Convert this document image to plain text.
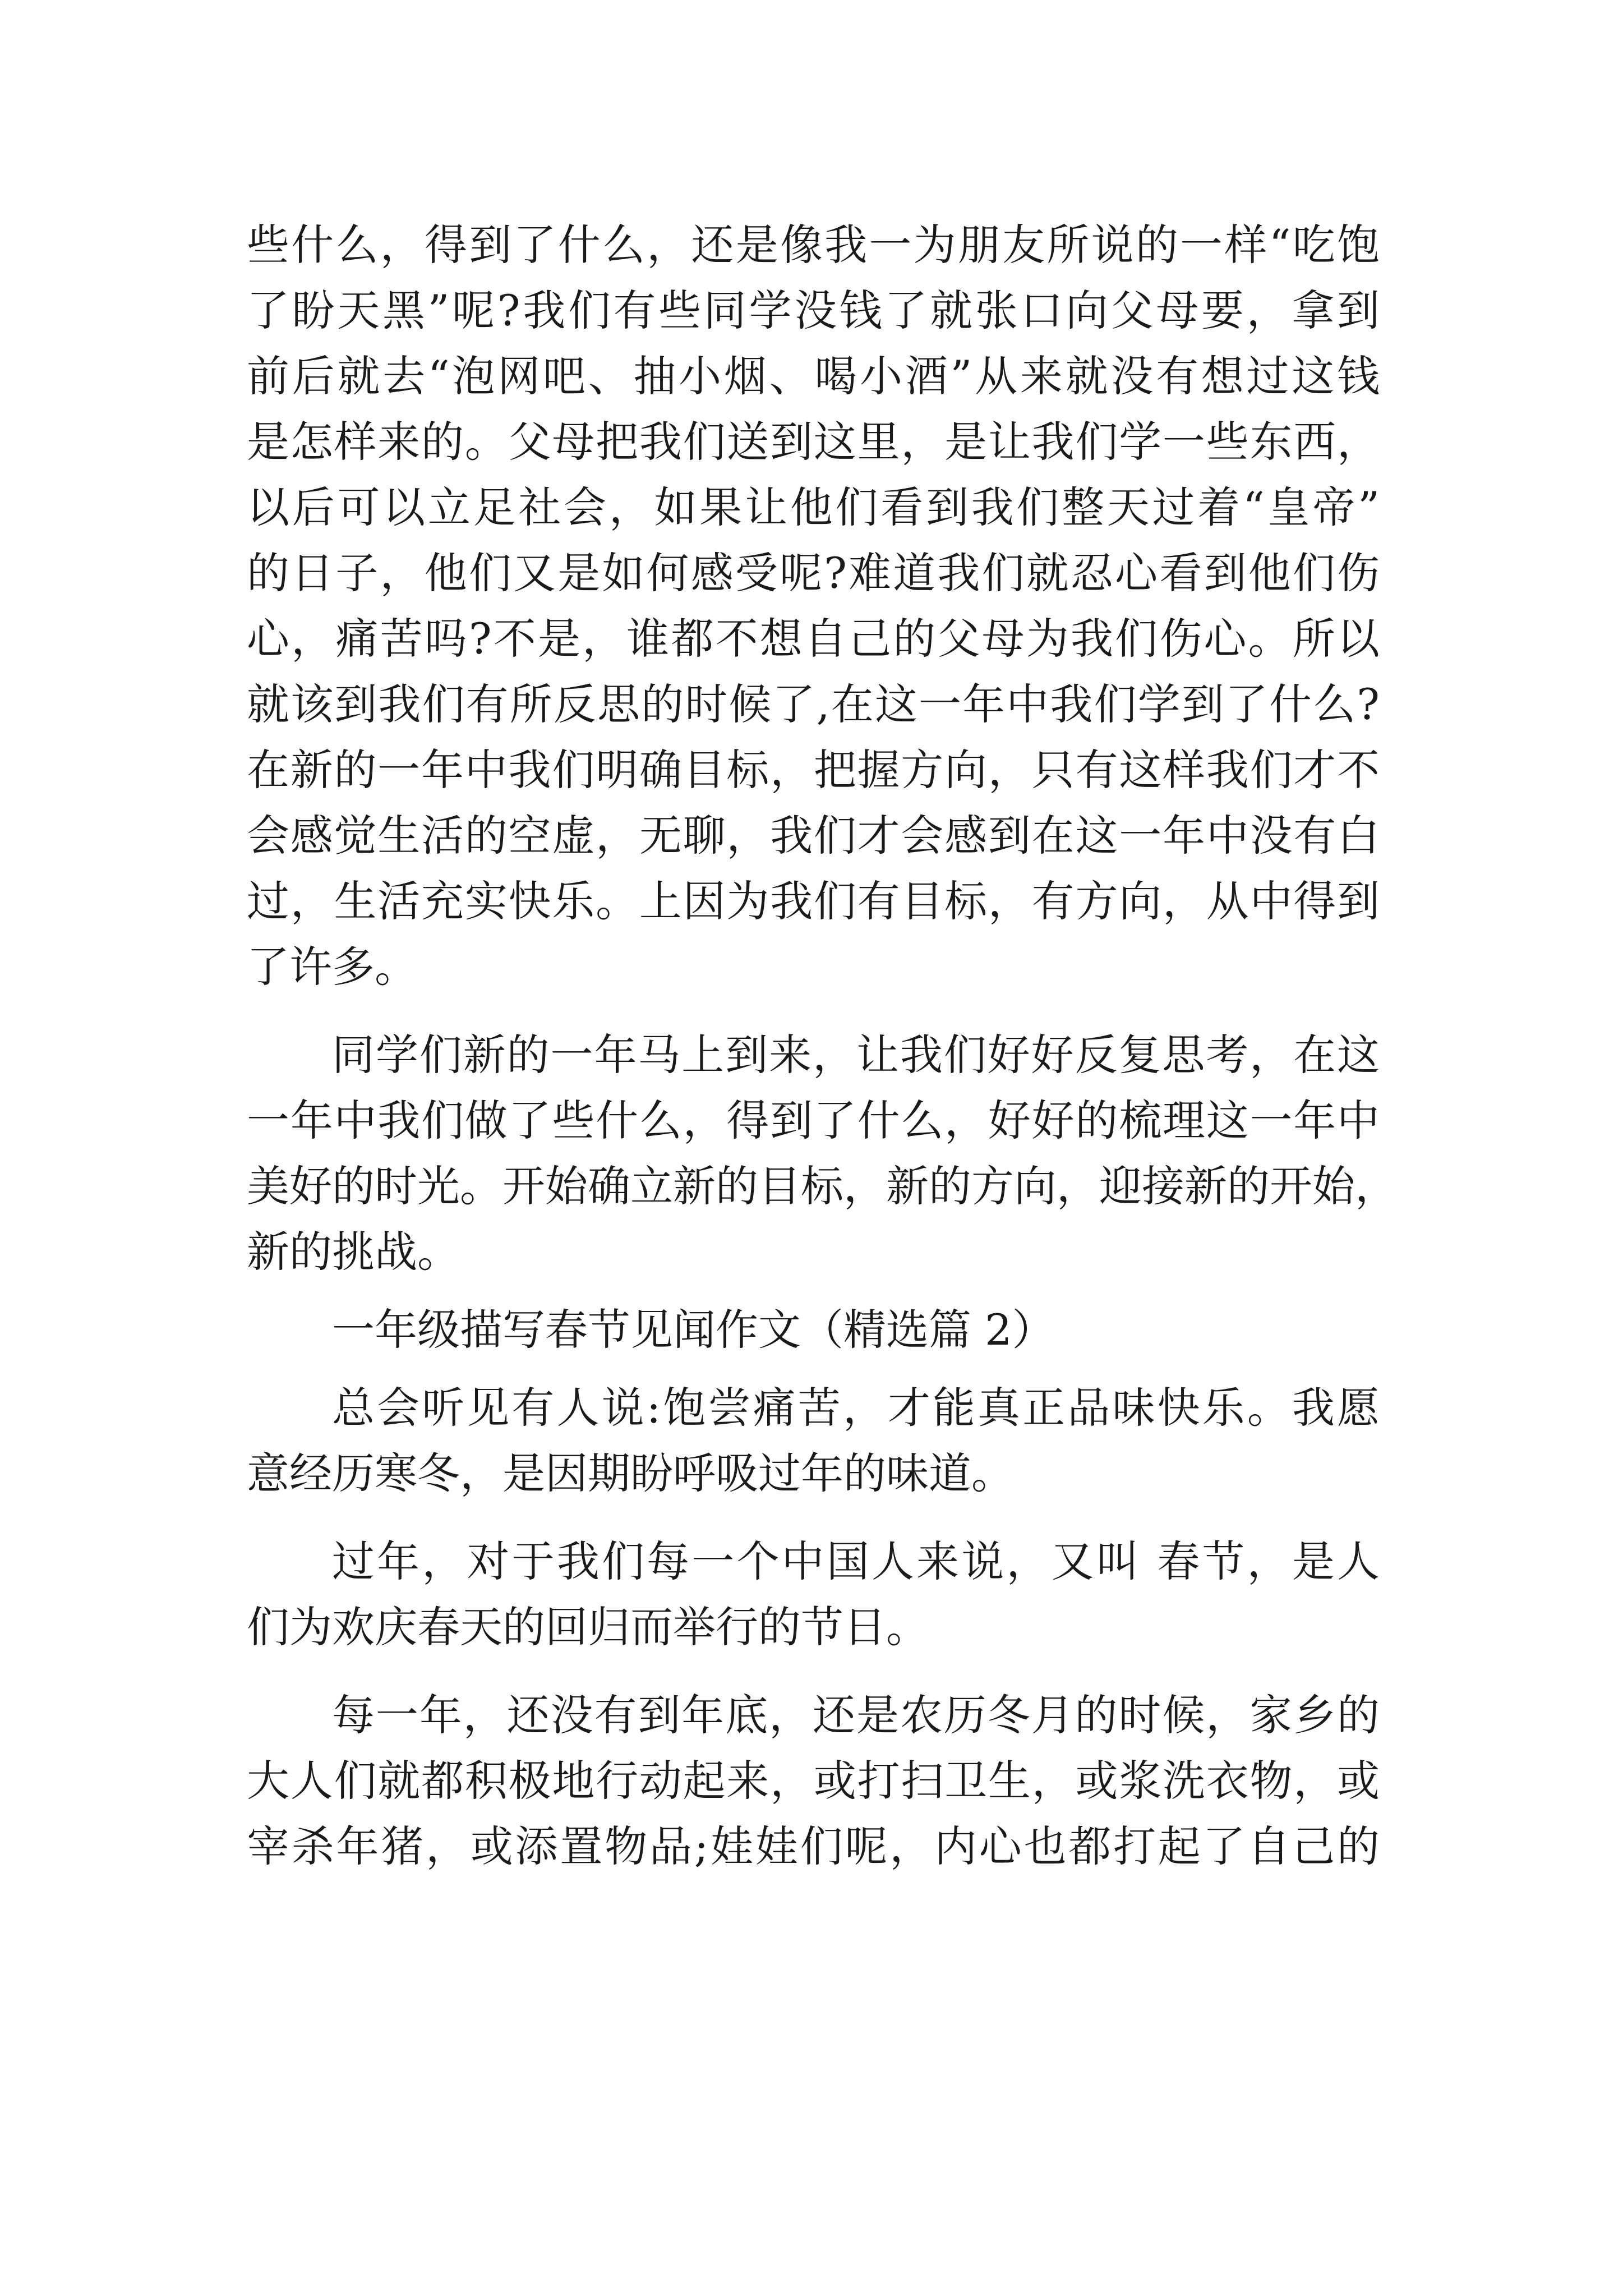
些什么，得到了什么，还是像我一为朋友所说的一样“吃饱
了盼天黑”呢?我们有些同学没钱了就张口向父母要，拿到
前后就去“泡网吧、抽小烟、喝小酒”从来就没有想过这钱
是怎样来的。父母把我们送到这里，是让我们学一些东西，
以后可以立足社会，如果让他们看到我们整天过着“皇帝”
的日子，他们又是如何感受呢?难道我们就忍心看到他们伤
心，痛苦吗?不是，谁都不想自己的父母为我们伤心。所以
就该到我们有所反思的时候了,在这一年中我们学到了什么?
在新的一年中我们明确目标，把握方向，只有这样我们才不
会感觉生活的空虚，无聊，我们才会感到在这一年中没有白
过，生活充实快乐。上因为我们有目标，有方向，从中得到
了许多。
同学们新的一年马上到来，让我们好好反复思考，在这
一年中我们做了些什么，得到了什么，好好的梳理这一年中
美好的时光。开始确立新的目标，新的方向，迎接新的开始，
新的挑战。
一年级描写春节见闻作文（精选篇 2）
总会听见有人说:饱尝痛苦，才能真正品味快乐。我愿
意经历寒冬，是因期盼呼吸过年的味道。
过年，对于我们每一个中国人来说，又叫 春节，是人
们为欢庆春天的回归而举行的节日。
每一年，还没有到年底，还是农历冬月的时候，家乡的
大人们就都积极地行动起来，或打扫卫生，或浆洗衣物，或
宰杀年猪，或添置物品;娃娃们呢，内心也都打起了自己的
